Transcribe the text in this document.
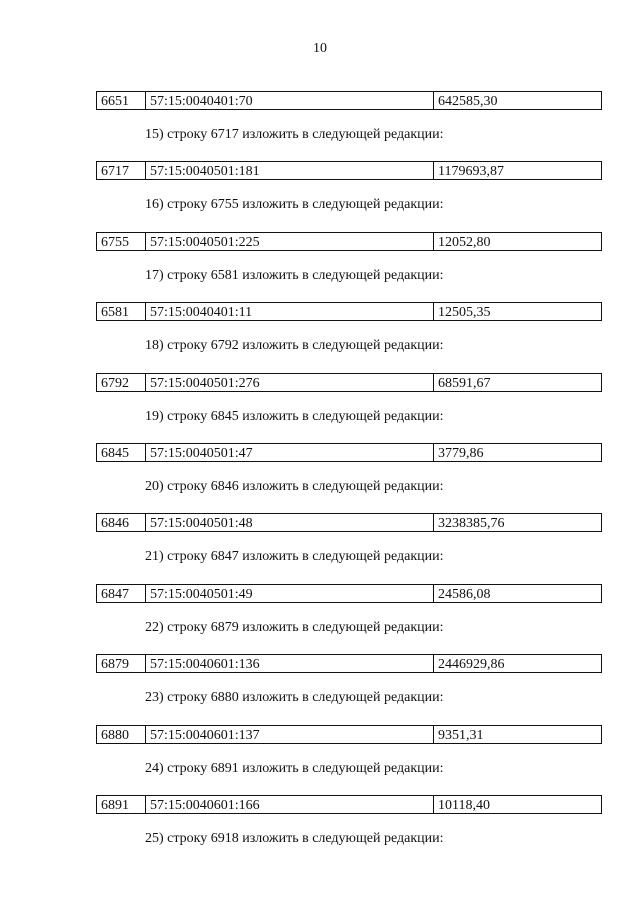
10
6651	57:15:0040401:70	642585,30
15) строку 6717 изложить в следующей редакции:
6717	57:15:0040501:181	1179693,87
16) строку 6755 изложить в следующей редакции:
6755	57:15:0040501:225	12052,80
17) строку 6581 изложить в следующей редакции:
6581	57:15:0040401:11	12505,35
18) строку 6792 изложить в следующей редакции:
6792	57:15:0040501:276	68591,67
19) строку 6845 изложить в следующей редакции:
6845	57:15:0040501:47	3779,86
20) строку 6846 изложить в следующей редакции:
6846	57:15:0040501:48	3238385,76
21) строку 6847 изложить в следующей редакции:
6847	57:15:0040501:49	24586,08
22) строку 6879 изложить в следующей редакции:
6879	57:15:0040601:136	2446929,86
23) строку 6880 изложить в следующей редакции:
6880	57:15:0040601:137	9351,31
24) строку 6891 изложить в следующей редакции:
6891	57:15:0040601:166	10118,40
25) строку 6918 изложить в следующей редакции:
